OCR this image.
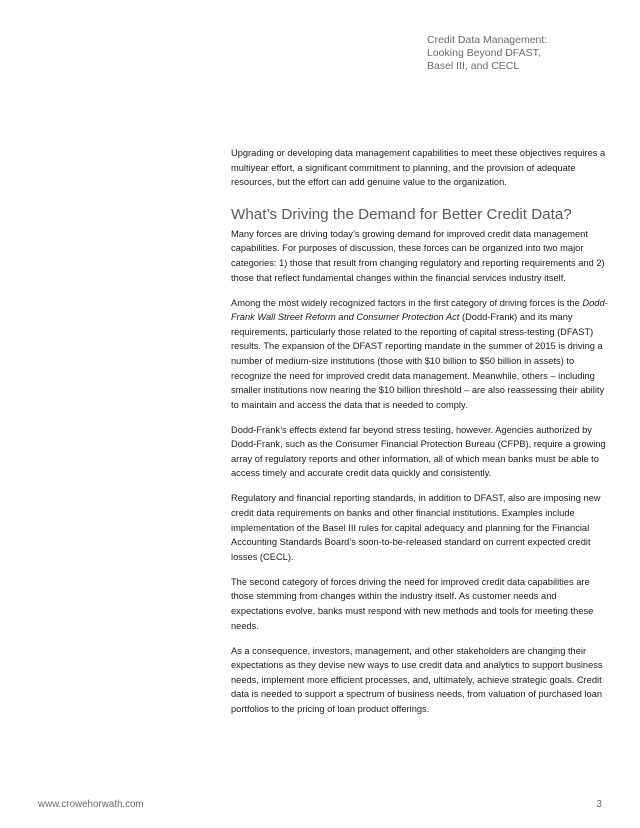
Credit Data Management:
Looking Beyond DFAST,
Basel III, and CECL

Upgrading or developing data management capabilities to meet these objectives requires a multiyear effort, a significant commitment to planning, and the provision of adequate resources, but the effort can add genuine value to the organization.

What’s Driving the Demand for Better Credit Data?

Many forces are driving today’s growing demand for improved credit data management capabilities. For purposes of discussion, these forces can be organized into two major categories: 1) those that result from changing regulatory and reporting requirements and 2) those that reflect fundamental changes within the financial services industry itself.

Among the most widely recognized factors in the first category of driving forces is the Dodd-Frank Wall Street Reform and Consumer Protection Act (Dodd-Frank) and its many requirements, particularly those related to the reporting of capital stress-testing (DFAST) results. The expansion of the DFAST reporting mandate in the summer of 2015 is driving a number of medium-size institutions (those with $10 billion to $50 billion in assets) to recognize the need for improved credit data management. Meanwhile, others – including smaller institutions now nearing the $10 billion threshold – are also reassessing their ability to maintain and access the data that is needed to comply.

Dodd-Frank’s effects extend far beyond stress testing, however. Agencies authorized by Dodd-Frank, such as the Consumer Financial Protection Bureau (CFPB), require a growing array of regulatory reports and other information, all of which mean banks must be able to access timely and accurate credit data quickly and consistently.

Regulatory and financial reporting standards, in addition to DFAST, also are imposing new credit data requirements on banks and other financial institutions. Examples include implementation of the Basel III rules for capital adequacy and planning for the Financial Accounting Standards Board’s soon-to-be-released standard on current expected credit losses (CECL).

The second category of forces driving the need for improved credit data capabilities are those stemming from changes within the industry itself. As customer needs and expectations evolve, banks must respond with new methods and tools for meeting these needs.

As a consequence, investors, management, and other stakeholders are changing their expectations as they devise new ways to use credit data and analytics to support business needs, implement more efficient processes, and, ultimately, achieve strategic goals. Credit data is needed to support a spectrum of business needs, from valuation of purchased loan portfolios to the pricing of loan product offerings.

www.crowehorwath.com	3
